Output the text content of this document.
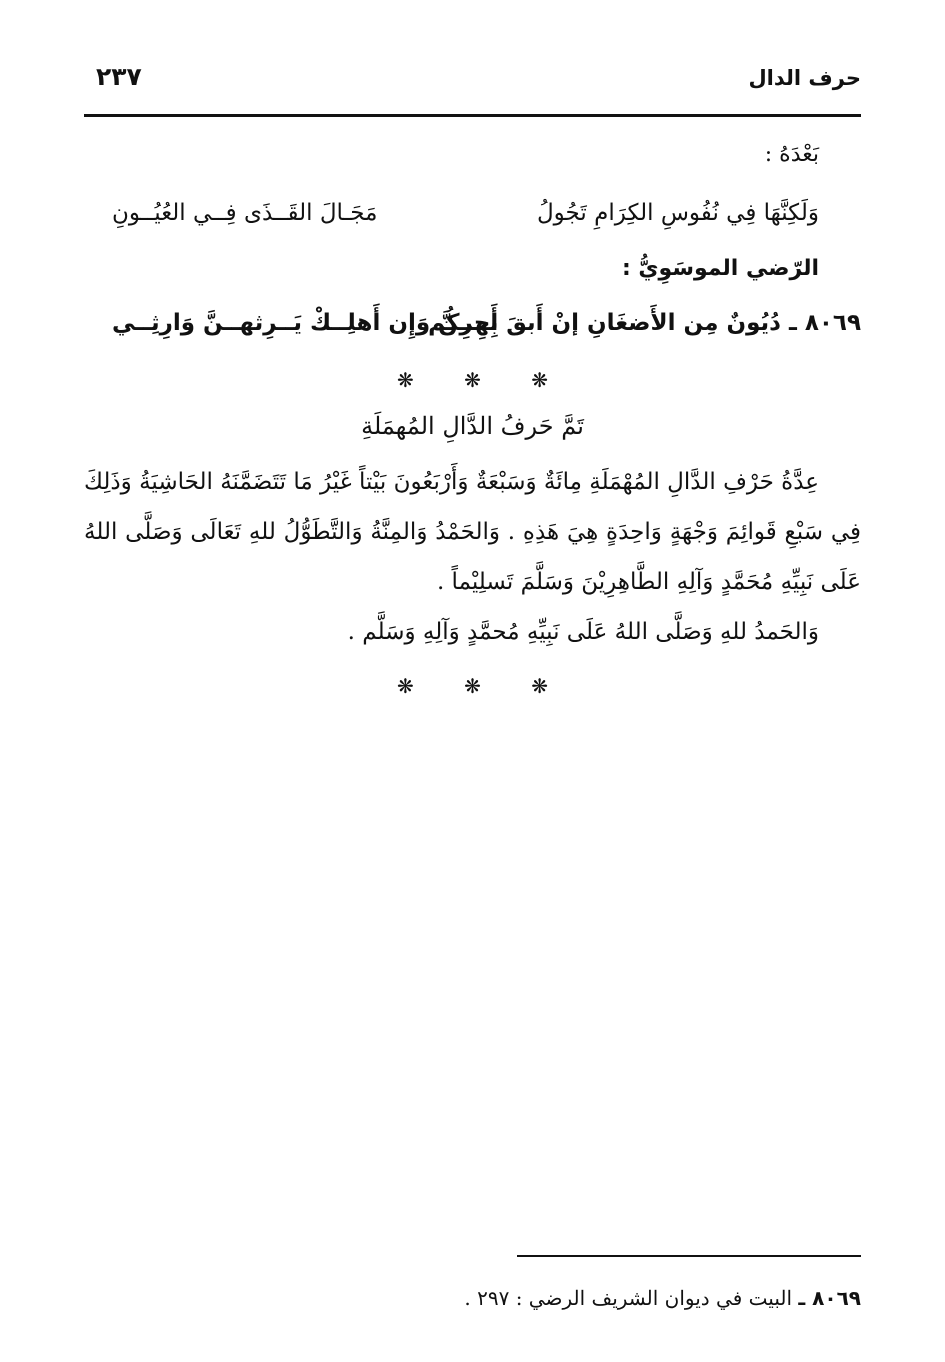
حرف الدال
٢٣٧
بَعْدَهُ :
وَلَكِنَّهَا فِي نُفُوسِ الكِرَامِ تَجُولُ
مَجَـالَ القَــذَى فِــي العُيُــونِ
الرّضي الموسَوِيُّ :
٨٠٦٩ ـ دُيُونٌ مِن الأَضغَانِ إنْ أَبقَ أَجرِكُم
بِهِــنَّ وَإِن أَهلِــكْ يَــرِثهــنَّ وَارِثِــي
❋ ❋ ❋
تَمَّ حَرفُ الدَّالِ المُهمَلَةِ
عِدَّةُ حَرْفِ الدَّالِ المُهْمَلَةِ مِائَةٌ وَسَبْعَةٌ وَأَرْبَعُونَ بَيْتاً غَيْرُ مَا تَتَضَمَّنَهُ الحَاشِيَةُ وَذَلِكَ فِي سَبْعِ قَوائِمَ وَجْهَةٍ وَاحِدَةٍ هِيَ هَذِهِ . وَالحَمْدُ وَالمِنَّةُ وَالتَّطَوُّلُ للهِ تَعَالَى وَصَلَّى اللهُ عَلَى نَبِيِّهِ مُحَمَّدٍ وَآلِهِ الطَّاهِرِيْنَ وَسَلَّمَ تَسلِيْماً .
وَالحَمدُ للهِ وَصَلَّى اللهُ عَلَى نَبِيِّهِ مُحمَّدٍ وَآلِهِ وَسَلَّم .
❋ ❋ ❋
٨٠٦٩ ـ البيت في ديوان الشريف الرضي : ٢٩٧ .
